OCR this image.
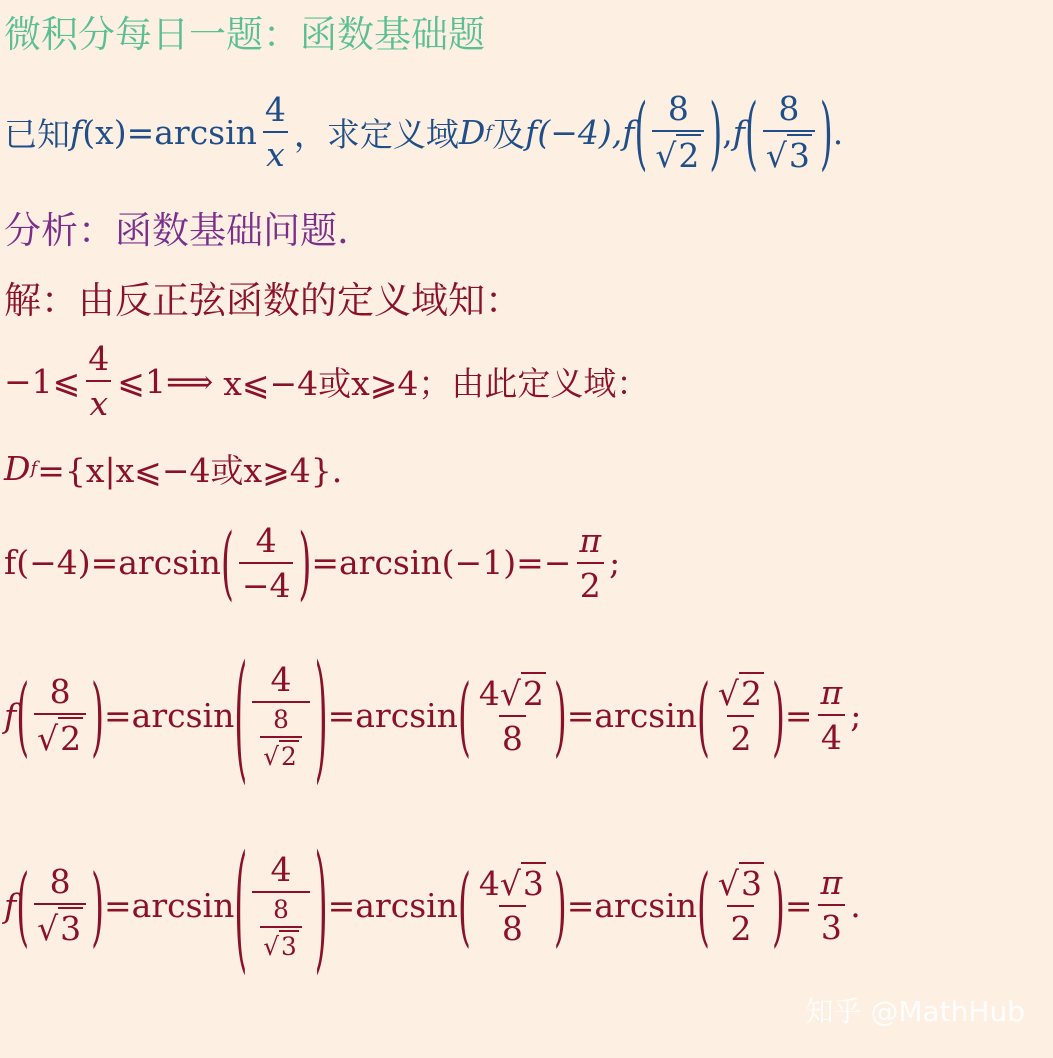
微积分每日一题：函数基础题
已知 f $(x) =\arcsin \frac{4}{x}$ ， 求定义域 D f 及 f(−4), f ( $\frac{8}{√ 2}$ ) , f ( $\frac{8}{√ 3}$ ) .
分析：函数基础问题.
解：由反正弦函数的定义域知：
−1⩽ $\frac{4}{x}$ ⩽1⟹ x⩽−4或x⩾4；由此定义域：
D f ={x|x⩽−4或x⩾4}.
f(−4)=arcsin ( $\frac{4}{-4}$ ) $=\arcsin(-1)=- \frac{\pi}{2}$ ;
f ( $\frac{8}{√ 2}$ ) =arcsin ( $\frac{4}{\frac{8}{√ 2}}$ ) =arcsin ( $\frac{4√ 2}{8}$ ) =arcsin ( $\frac{√ 2}{2}$ ) = $\frac{\pi}{4}$ ;
f ( $\frac{8}{√ 3}$ ) =arcsin ( $\frac{4}{\frac{8}{√ 3}}$ ) =arcsin ( $\frac{4√ 3}{8}$ ) =arcsin ( $\frac{√ 3}{2}$ ) = $\frac{\pi}{3}$ .
知乎 @MathHub
